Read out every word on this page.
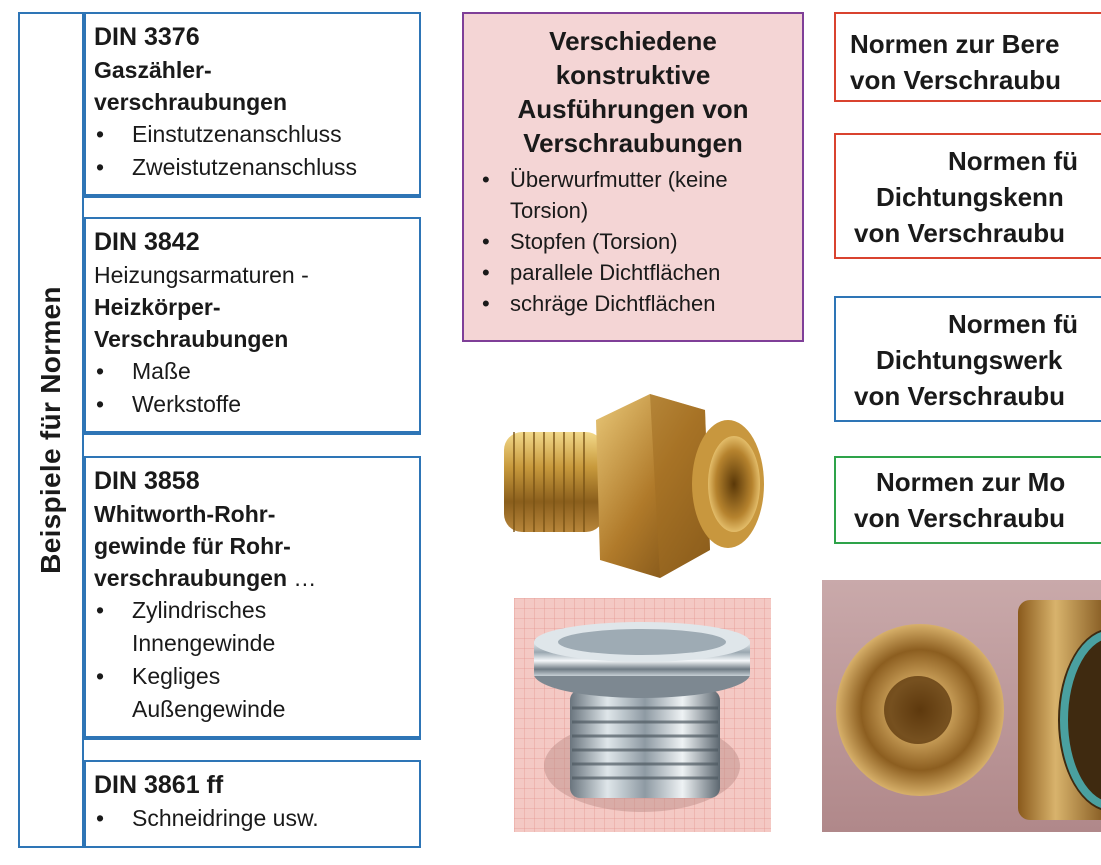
Beispiele für Normen
DIN 3376
Gaszähler-
verschraubungen
• Einstutzenanschluss
• Zweistutzenanschluss
DIN 3842
Heizungsarmaturen -
Heizkörper-
Verschraubungen
• Maße
• Werkstoffe
DIN 3858
Whitworth-Rohr-
gewinde für Rohr-
verschraubungen …
• Zylindrisches Innengewinde
• Kegliges Außengewinde
DIN 3861 ff
• Schneidringe usw.
Verschiedene
konstruktive
Ausführungen von
Verschraubungen
• Überwurfmutter (keine Torsion)
• Stopfen (Torsion)
• parallele Dichtflächen
• schräge Dichtflächen
Normen zur Bere
von Verschraubu
Normen fü
Dichtungskenn
von Verschraubu
Normen fü
Dichtungswerk
von Verschraubu
Normen zur Mo
von Verschraubu
